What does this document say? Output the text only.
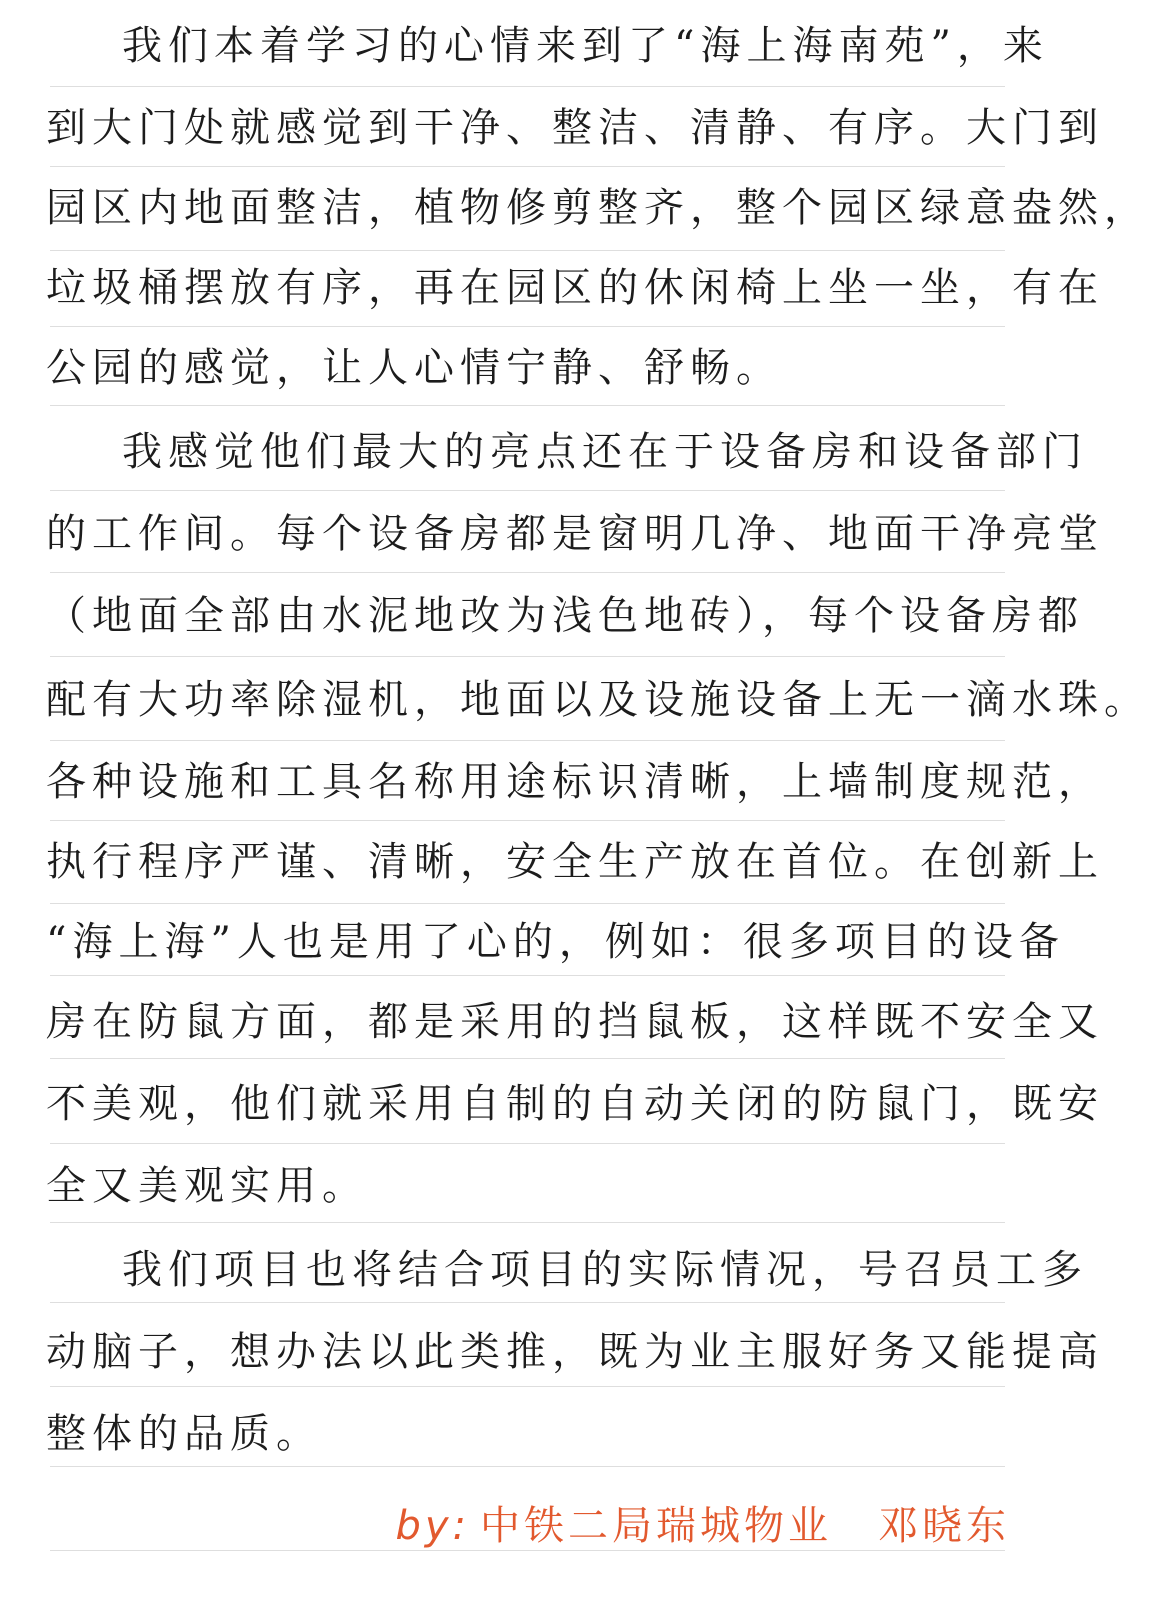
我们本着学习的心情来到了“海上海南苑”，来
到大门处就感觉到干净、整洁、清静、有序。大门到
园区内地面整洁，植物修剪整齐，整个园区绿意盎然，
垃圾桶摆放有序，再在园区的休闲椅上坐一坐，有在
公园的感觉，让人心情宁静、舒畅。
我感觉他们最大的亮点还在于设备房和设备部门
的工作间。每个设备房都是窗明几净、地面干净亮堂
（地面全部由水泥地改为浅色地砖），每个设备房都
配有大功率除湿机，地面以及设施设备上无一滴水珠。
各种设施和工具名称用途标识清晰，上墙制度规范，
执行程序严谨、清晰，安全生产放在首位。在创新上
“海上海”人也是用了心的，例如：很多项目的设备
房在防鼠方面，都是采用的挡鼠板，这样既不安全又
不美观，他们就采用自制的自动关闭的防鼠门，既安
全又美观实用。
我们项目也将结合项目的实际情况，号召员工多
动脑子，想办法以此类推，既为业主服好务又能提高
整体的品质。
by: 中铁二局瑞城物业 邓晓东
